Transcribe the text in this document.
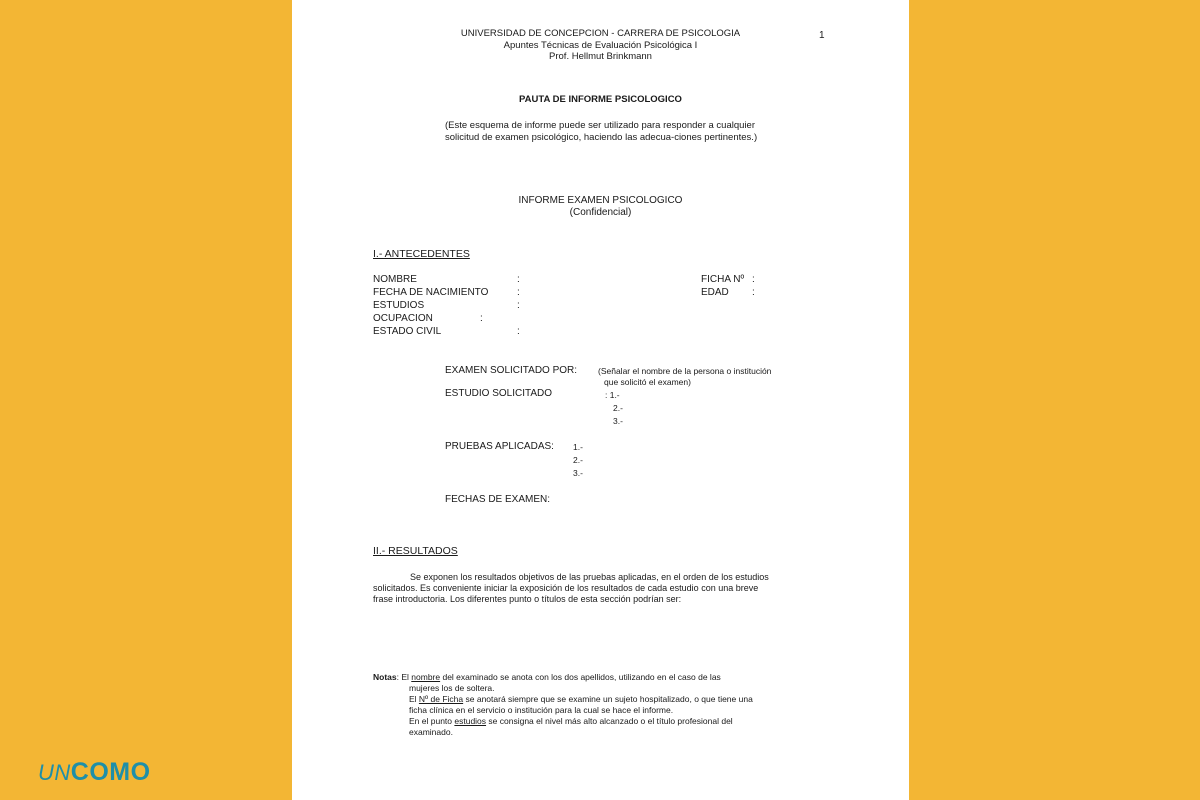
UNIVERSIDAD DE CONCEPCION - CARRERA DE PSICOLOGIA
Apuntes Técnicas de Evaluación Psicológica I
Prof. Hellmut Brinkmann
1
PAUTA DE INFORME PSICOLOGICO
(Este esquema de informe puede ser utilizado para responder a cualquier
solicitud de examen psicológico, haciendo las adecua-ciones pertinentes.)
INFORME EXAMEN PSICOLOGICO
(Confidencial)
I.- ANTECEDENTES
NOMBRE	:
FECHA DE NACIMIENTO	:
ESTUDIOS	:
OCUPACION	:
ESTADO CIVIL	:
FICHA Nº :
EDAD :
EXAMEN SOLICITADO POR: (Señalar el nombre de la persona o institución
que solicitó el examen)
ESTUDIO SOLICITADO	: 1.-
2.-
3.-
PRUEBAS APLICADAS: 1.-
2.-
3.-
FECHAS DE EXAMEN:
II.- RESULTADOS
Se exponen los resultados objetivos de las pruebas aplicadas, en el orden de los estudios
solicitados. Es conveniente iniciar la exposición de los resultados de cada estudio con una breve
frase introductoria. Los diferentes punto o títulos de esta sección podrían ser:
Notas: El nombre del examinado se anota con los dos apellidos, utilizando en el caso de las
mujeres los de soltera.
El Nº de Ficha se anotará siempre que se examine un sujeto hospitalizado, o que tiene una
ficha clínica en el servicio o institución para la cual se hace el informe.
En el punto estudios se consigna el nivel más alto alcanzado o el título profesional del
examinado.
UNCOMO
